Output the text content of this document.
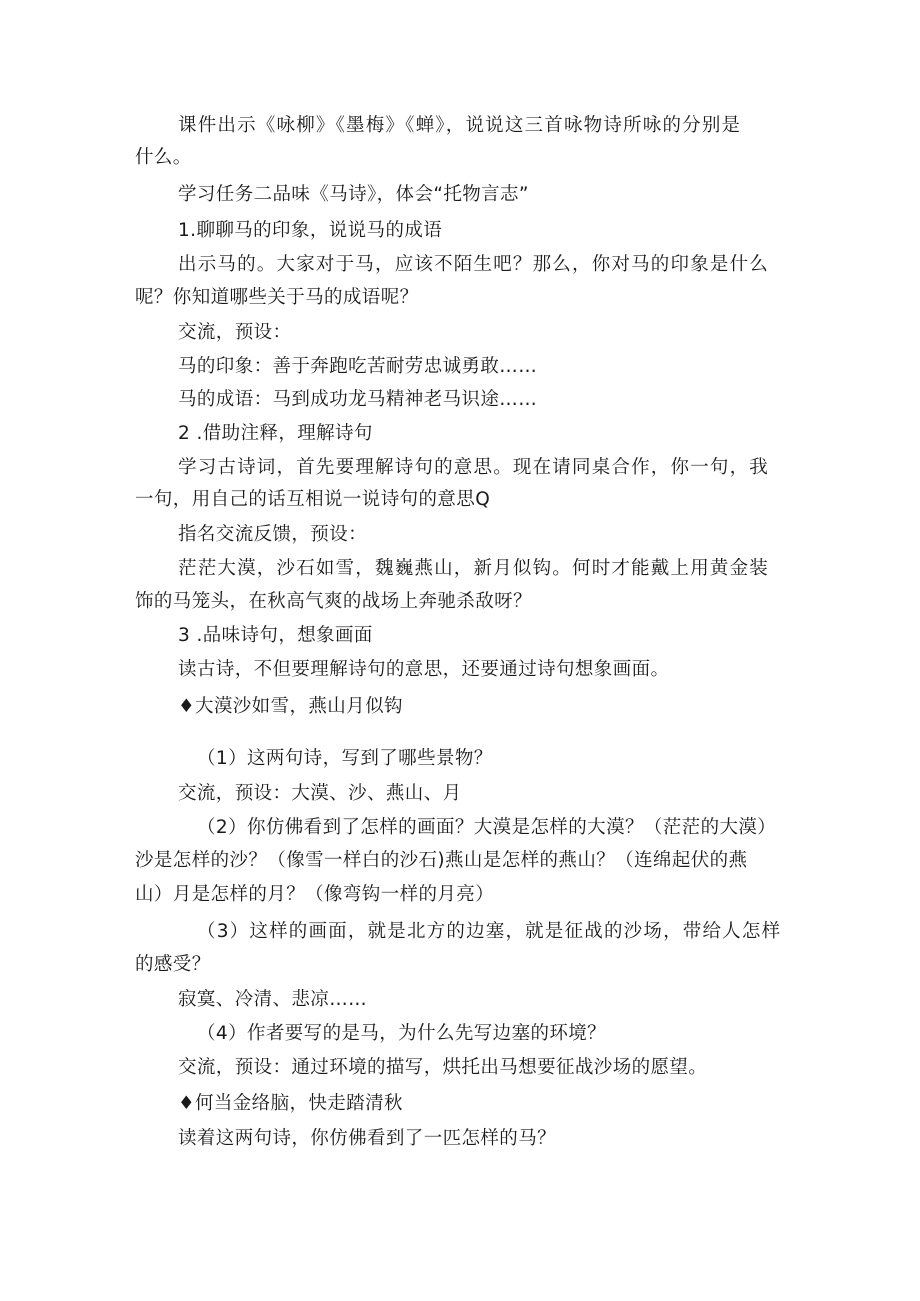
课件出示《咏柳》《墨梅》《蝉》，说说这三首咏物诗所咏的分别是
什么。
学习任务二品味《马诗》，体会“托物言志”
1.聊聊马的印象，说说马的成语
出示马的。大家对于马，应该不陌生吧？那么，你对马的印象是什么
呢？你知道哪些关于马的成语呢？
交流，预设：
马的印象：善于奔跑吃苦耐劳忠诚勇敢……
马的成语：马到成功龙马精神老马识途……
2 .借助注释，理解诗句
学习古诗词，首先要理解诗句的意思。现在请同桌合作，你一句，我
一句，用自己的话互相说一说诗句的意思Q
指名交流反馈，预设：
茫茫大漠，沙石如雪，魏巍燕山，新月似钩。何时才能戴上用黄金装
饰的马笼头，在秋高气爽的战场上奔驰杀敌呀？
3 .品味诗句，想象画面
读古诗，不但要理解诗句的意思，还要通过诗句想象画面。
♦大漠沙如雪，燕山月似钩
（1）这两句诗，写到了哪些景物？
交流，预设：大漠、沙、燕山、月
（2）你仿佛看到了怎样的画面？大漠是怎样的大漠？（茫茫的大漠）
沙是怎样的沙？（像雪一样白的沙石)燕山是怎样的燕山？（连绵起伏的燕
山）月是怎样的月？（像弯钩一样的月亮）
（3）这样的画面，就是北方的边塞，就是征战的沙场，带给人怎样
的感受？
寂寞、冷清、悲凉……
（4）作者要写的是马，为什么先写边塞的环境？
交流，预设：通过环境的描写，烘托出马想要征战沙场的愿望。
♦何当金络脑，快走踏清秋
读着这两句诗，你仿佛看到了一匹怎样的马？
